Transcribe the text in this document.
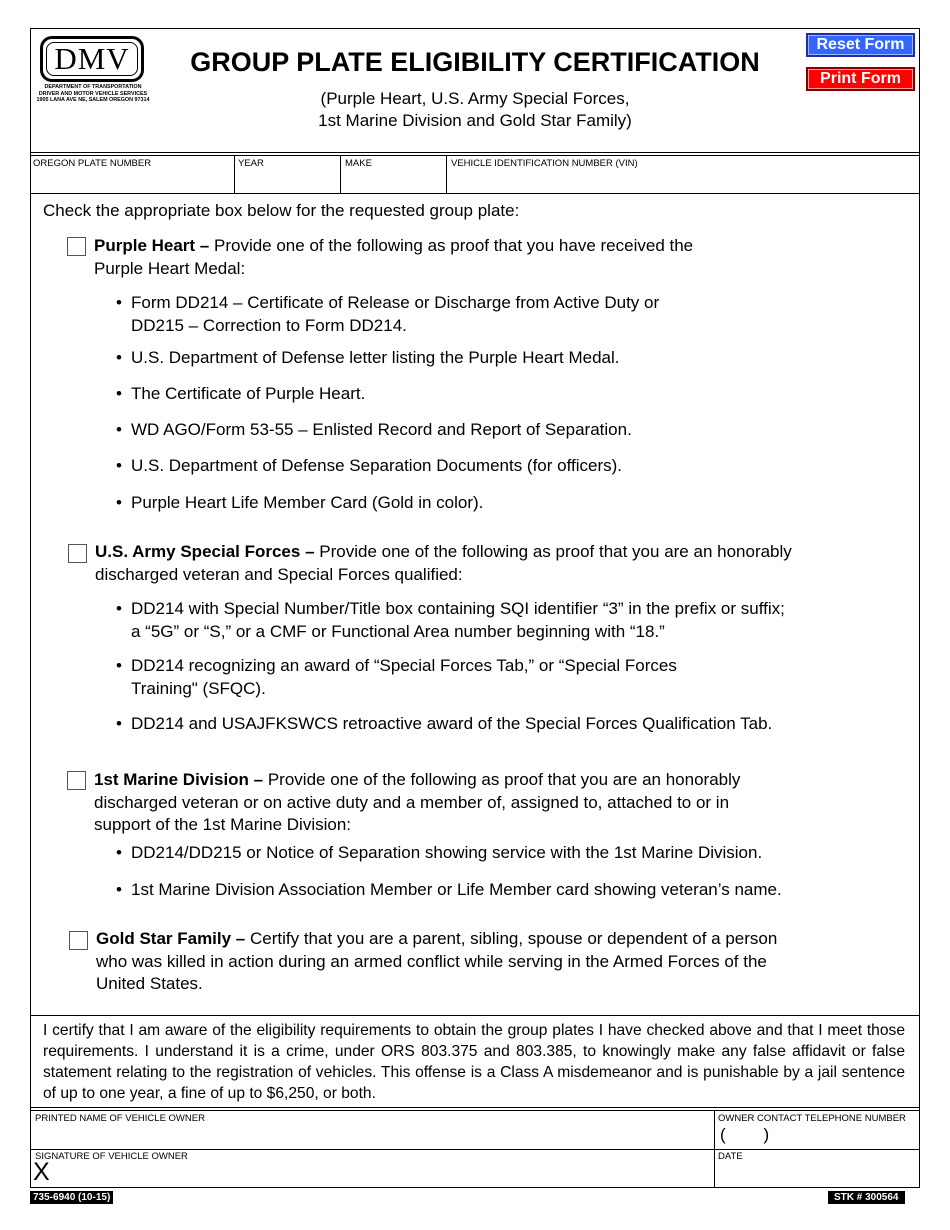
DMV
DEPARTMENT OF TRANSPORTATION
DRIVER AND MOTOR VEHICLE SERVICES
1905 LANA AVE NE, SALEM OREGON 97314
GROUP PLATE ELIGIBILITY CERTIFICATION
(Purple Heart, U.S. Army Special Forces,
1st Marine Division and Gold Star Family)
Reset Form
Print Form
OREGON PLATE NUMBER	YEAR	MAKE	VEHICLE IDENTIFICATION NUMBER (VIN)
Check the appropriate box below for the requested group plate:
Purple Heart – Provide one of the following as proof that you have received the
Purple Heart Medal:
• Form DD214 – Certificate of Release or Discharge from Active Duty or
DD215 – Correction to Form DD214.
• U.S. Department of Defense letter listing the Purple Heart Medal.
• The Certificate of Purple Heart.
• WD AGO/Form 53-55 – Enlisted Record and Report of Separation.
• U.S. Department of Defense Separation Documents (for officers).
• Purple Heart Life Member Card (Gold in color).
U.S. Army Special Forces – Provide one of the following as proof that you are an honorably
discharged veteran and Special Forces qualified:
• DD214 with Special Number/Title box containing SQI identifier “3” in the prefix or suffix;
a “5G” or “S,” or a CMF or Functional Area number beginning with “18.”
• DD214 recognizing an award of “Special Forces Tab,” or “Special Forces
Training" (SFQC).
• DD214 and USAJFKSWCS retroactive award of the Special Forces Qualification Tab.
1st Marine Division – Provide one of the following as proof that you are an honorably
discharged veteran or on active duty and a member of, assigned to, attached to or in
support of the 1st Marine Division:
• DD214/DD215 or Notice of Separation showing service with the 1st Marine Division.
• 1st Marine Division Association Member or Life Member card showing veteran’s name.
Gold Star Family – Certify that you are a parent, sibling, spouse or dependent of a person
who was killed in action during an armed conflict while serving in the Armed Forces of the
United States.
I certify that I am aware of the eligibility requirements to obtain the group plates I have checked above and that I meet those requirements. I understand it is a crime, under ORS 803.375 and 803.385, to knowingly make any false affidavit or false statement relating to the registration of vehicles. This offense is a Class A misdemeanor and is punishable by a jail sentence of up to one year, a fine of up to $6,250, or both.
PRINTED NAME OF VEHICLE OWNER	OWNER CONTACT TELEPHONE NUMBER
(        )
SIGNATURE OF VEHICLE OWNER	DATE
X
735-6940 (10-15)	STK # 300564
